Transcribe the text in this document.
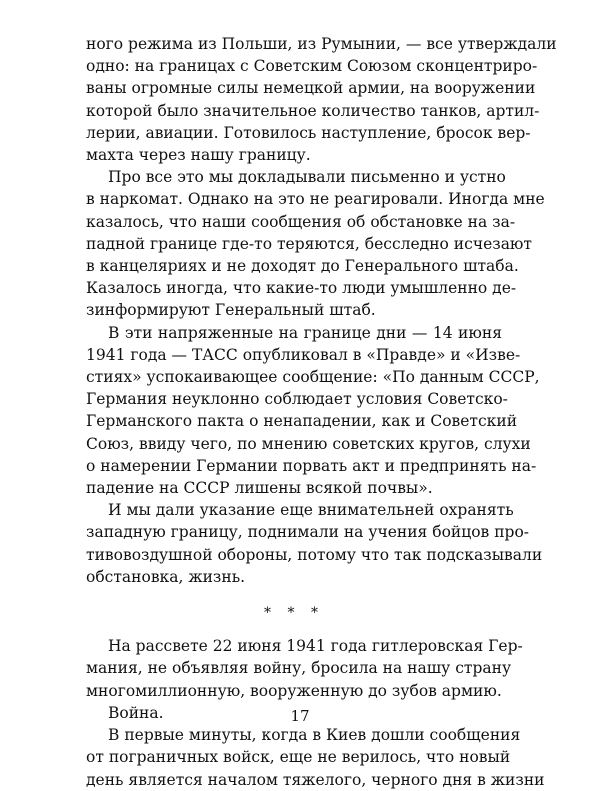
ного режима из Польши, из Румынии, — все утверждали
одно: на границах с Советским Союзом сконцентриро-
ваны огромные силы немецкой армии, на вооружении
которой было значительное количество танков, артил-
лерии, авиации. Готовилось наступление, бросок вер-
махта через нашу границу.

Про все это мы докладывали письменно и устно
в наркомат. Однако на это не реагировали. Иногда мне
казалось, что наши сообщения об обстановке на за-
падной границе где-то теряются, бесследно исчезают
в канцеляриях и не доходят до Генерального штаба.
Казалось иногда, что какие-то люди умышленно де-
зинформируют Генеральный штаб.

В эти напряженные на границе дни — 14 июня
1941 года — ТАСС опубликовал в «Правде» и «Изве-
стиях» успокаивающее сообщение: «По данным СССР,
Германия неуклонно соблюдает условия Советско-
Германского пакта о ненападении, как и Советский
Союз, ввиду чего, по мнению советских кругов, слухи
о намерении Германии порвать акт и предпринять на-
падение на СССР лишены всякой почвы».

И мы дали указание еще внимательней охранять
западную границу, поднимали на учения бойцов про-
тивовоздушной обороны, потому что так подсказывали
обстановка, жизнь.

* * *

На рассвете 22 июня 1941 года гитлеровская Гер-
мания, не объявляя войну, бросила на нашу страну
многомиллионную, вооруженную до зубов армию.

Война.

В первые минуты, когда в Киев дошли сообщения
от пограничных войск, еще не верилось, что новый
день является началом тяжелого, черного дня в жизни

17
